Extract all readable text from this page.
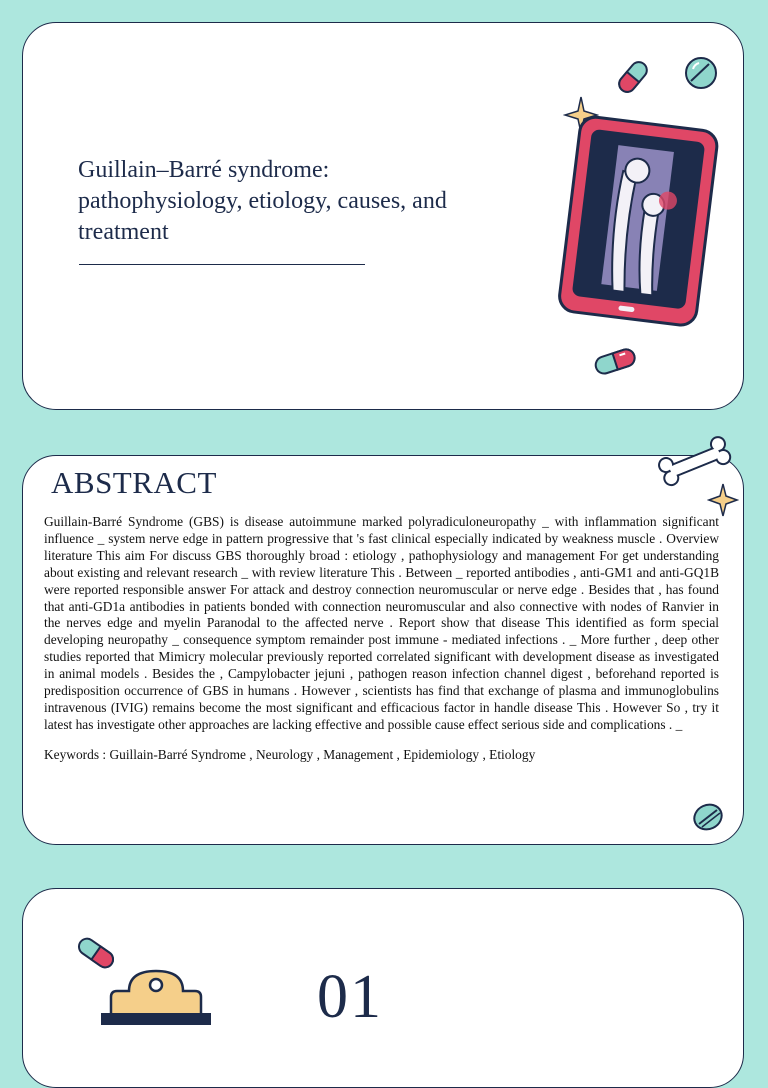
Guillain–Barré syndrome:
pathophysiology, etiology, causes, and
treatment
ABSTRACT

Guillain-Barré Syndrome (GBS) is disease autoimmune marked polyradiculoneuropathy _ with inflammation significant influence _ system nerve edge in pattern progressive that 's fast clinical especially indicated by weakness muscle . Overview literature This aim For discuss GBS thoroughly broad : etiology , pathophysiology and management For get understanding about existing and relevant research _ with review literature This . Between _ reported antibodies , anti-GM1 and anti-GQ1B were reported responsible answer For attack and destroy connection neuromuscular or nerve edge . Besides that , has found that anti-GD1a antibodies in patients bonded with connection neuromuscular and also connective with nodes of Ranvier in the nerves edge and myelin Paranodal to the affected nerve . Report show that disease This identified as form special developing neuropathy _ consequence symptom remainder post immune - mediated infections . _ More further , deep other studies reported that Mimicry molecular previously reported correlated significant with development disease as investigated in animal models . Besides the , Campylobacter jejuni , pathogen reason infection channel digest , beforehand reported is predisposition occurrence of GBS in humans . However , scientists has find that exchange of plasma and immunoglobulins intravenous (IVIG) remains become the most significant and efficacious factor in handle disease This . However So , try it latest has investigate other approaches are lacking effective and possible cause effect serious side and complications . _

Keywords : Guillain-Barré Syndrome , Neurology , Management , Epidemiology , Etiology

01
